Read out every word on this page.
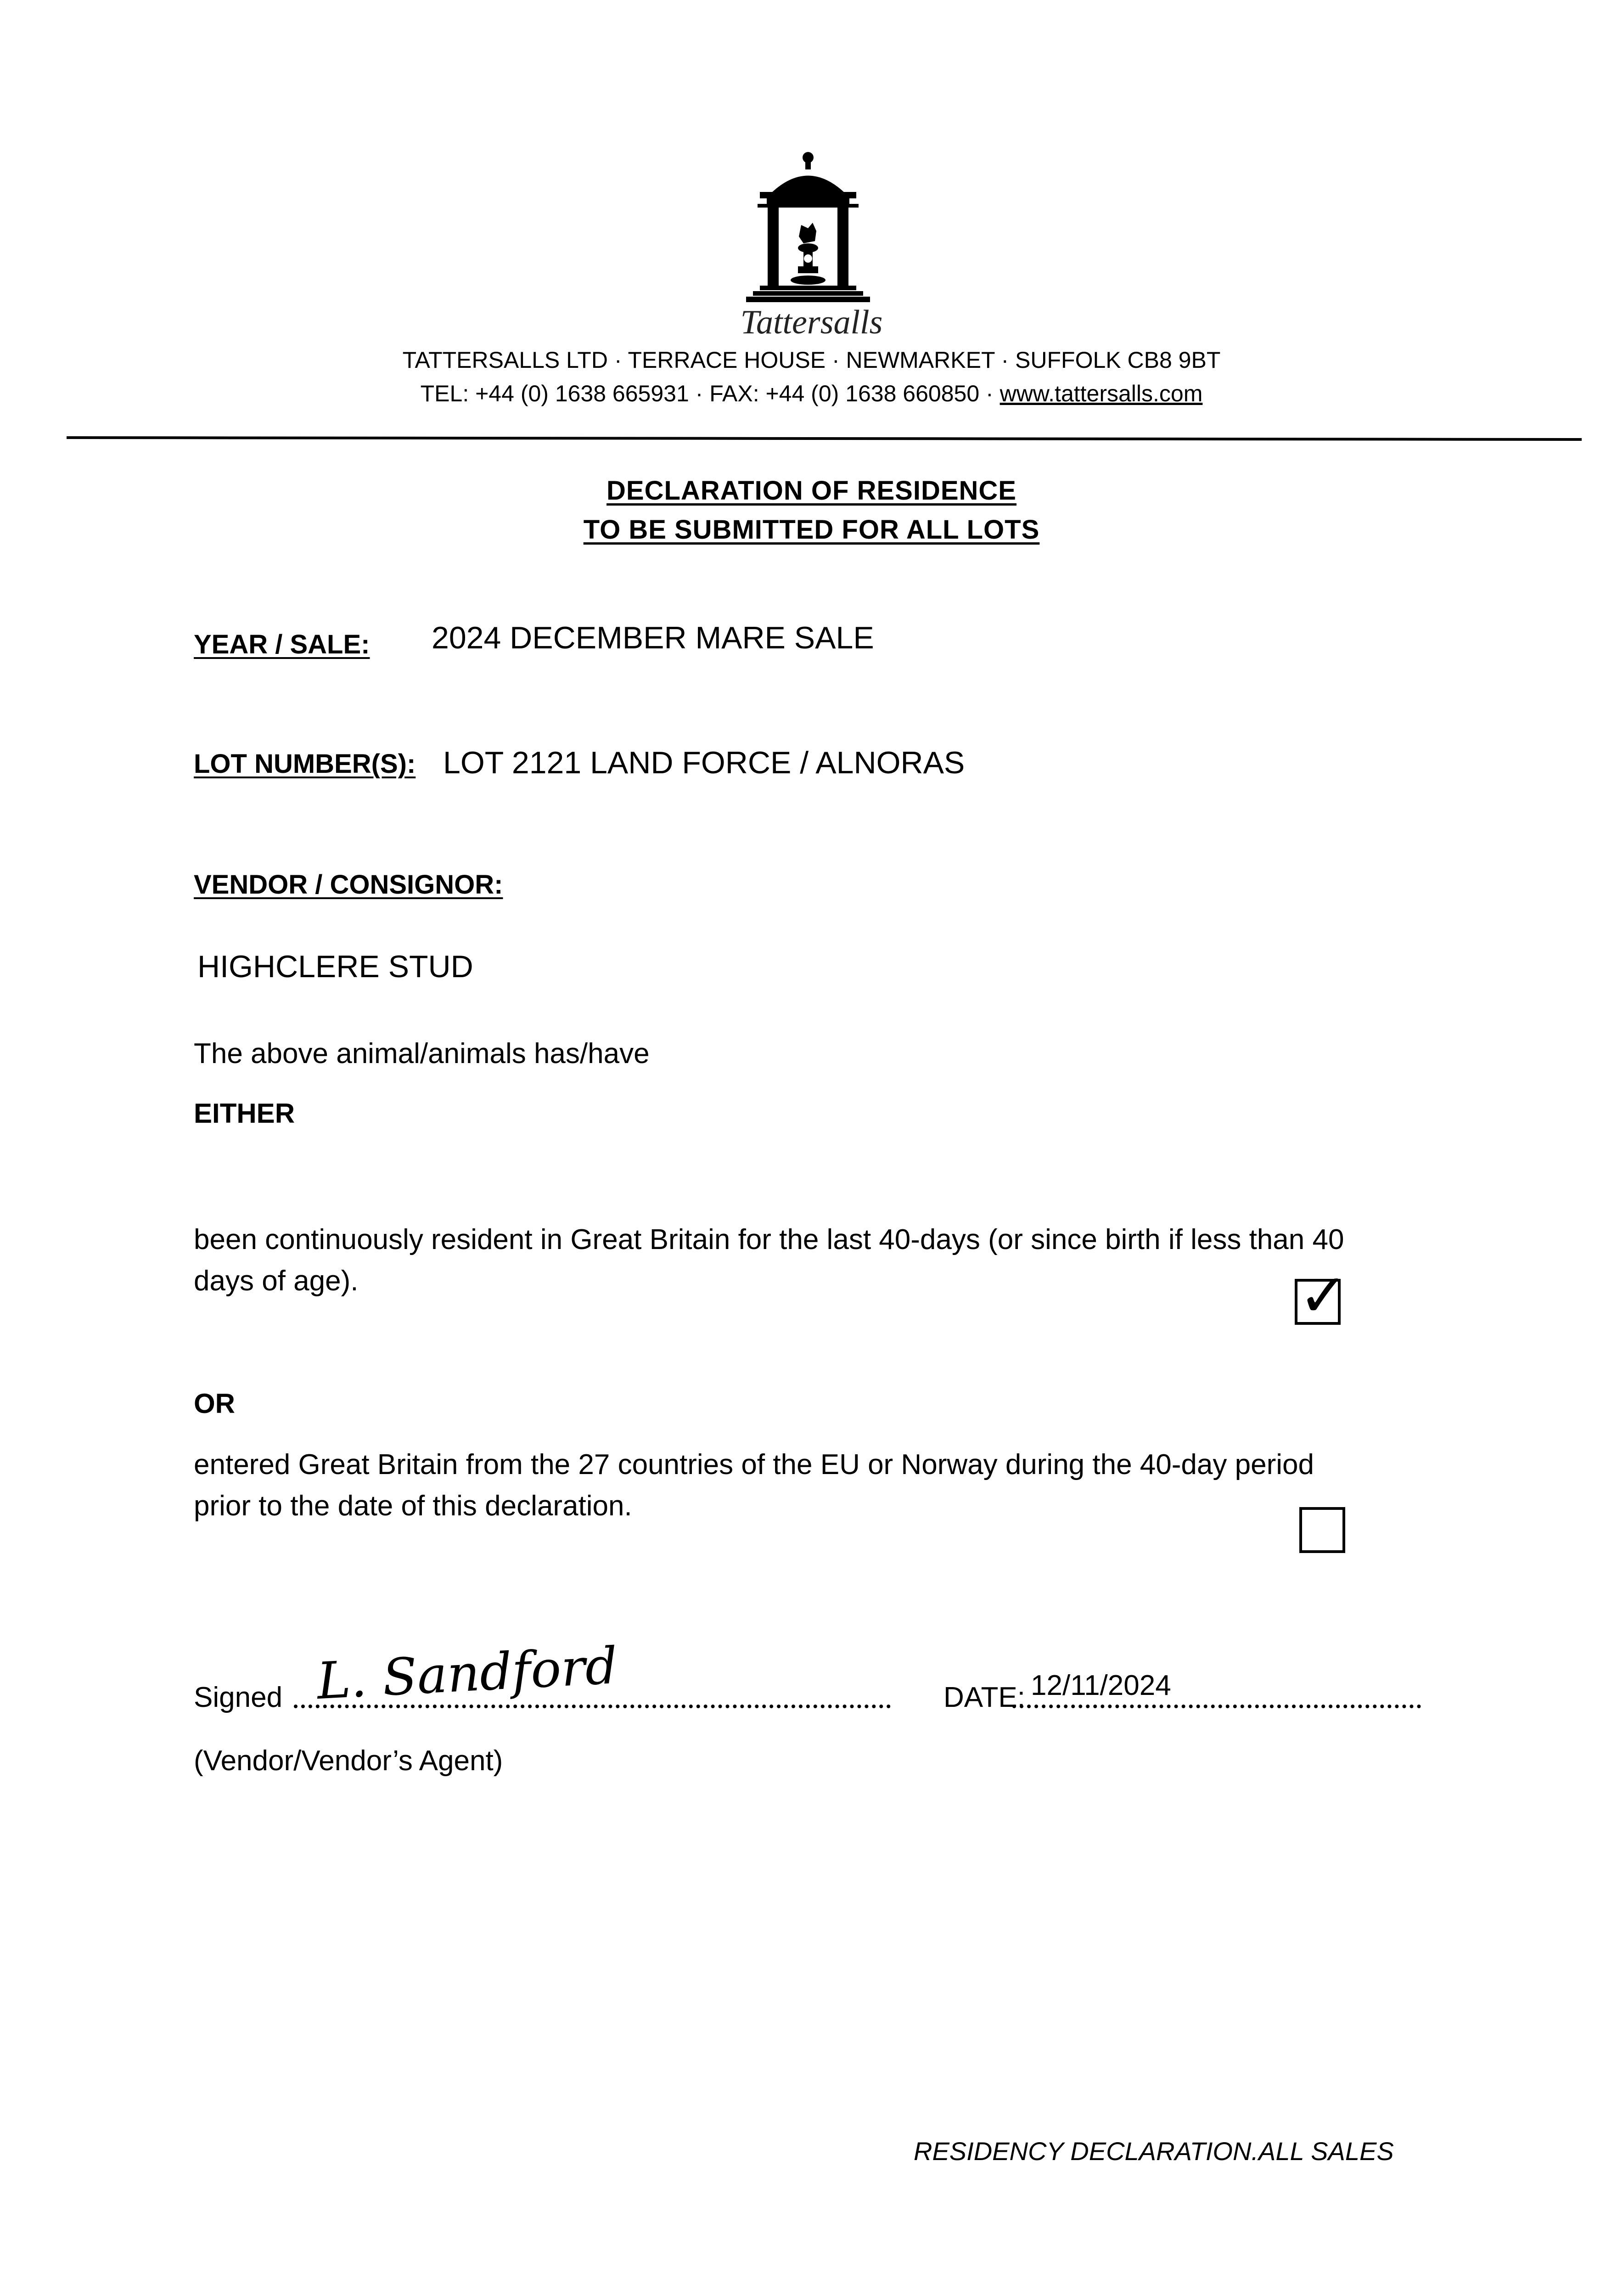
Tattersalls
TATTERSALLS LTD · TERRACE HOUSE · NEWMARKET · SUFFOLK CB8 9BT
TEL: +44 (0) 1638 665931 · FAX: +44 (0) 1638 660850 · www.tattersalls.com
DECLARATION OF RESIDENCE
TO BE SUBMITTED FOR ALL LOTS
YEAR / SALE: 2024 DECEMBER MARE SALE
LOT NUMBER(S): LOT 2121 LAND FORCE / ALNORAS
VENDOR / CONSIGNOR:
HIGHCLERE STUD
The above animal/animals has/have
EITHER
been continuously resident in Great Britain for the last 40-days (or since birth if less than 40
days of age).	✓
OR
entered Great Britain from the 27 countries of the EU or Norway during the 40-day period
prior to the date of this declaration.
Signed L. Sandford	DATE: 12/11/2024
(Vendor/Vendor’s Agent)
RESIDENCY DECLARATION.ALL SALES
